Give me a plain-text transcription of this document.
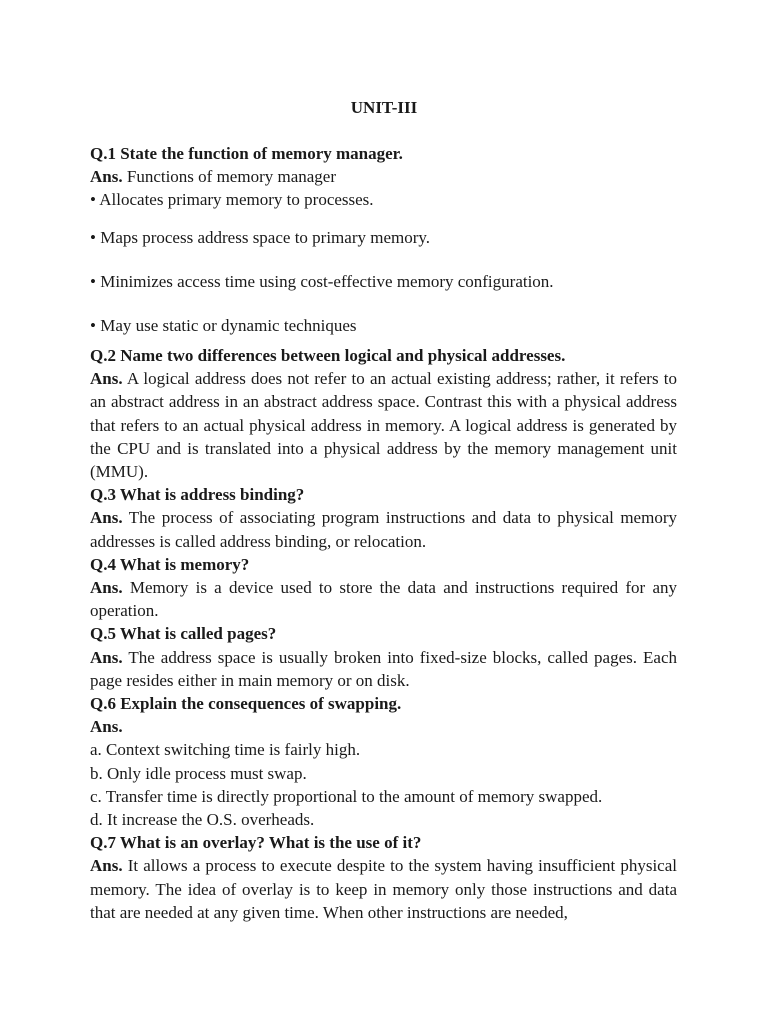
UNIT-III
Q.1 State the function of memory manager.
Ans. Functions of memory manager
• Allocates primary memory to processes.
• Maps process address space to primary memory.
• Minimizes access time using cost-effective memory configuration.
• May use static or dynamic techniques
Q.2 Name two differences between logical and physical addresses.
Ans. A logical address does not refer to an actual existing address; rather, it refers to an abstract address in an abstract address space. Contrast this with a physical address that refers to an actual physical address in memory. A logical address is generated by the CPU and is translated into a physical address by the memory management unit (MMU).
Q.3 What is address binding?
Ans. The process of associating program instructions and data to physical memory addresses is called address binding, or relocation.
Q.4 What is memory?
Ans. Memory is a device used to store the data and instructions required for any operation.
Q.5 What is called pages?
Ans. The address space is usually broken into fixed-size blocks, called pages. Each page resides either in main memory or on disk.
Q.6 Explain the consequences of swapping.
Ans.
a. Context switching time is fairly high.
b. Only idle process must swap.
c. Transfer time is directly proportional to the amount of memory swapped.
d. It increase the O.S. overheads.
Q.7 What is an overlay? What is the use of it?
Ans. It allows a process to execute despite to the system having insufficient physical memory. The idea of overlay is to keep in memory only those instructions and data that are needed at any given time. When other instructions are needed,
